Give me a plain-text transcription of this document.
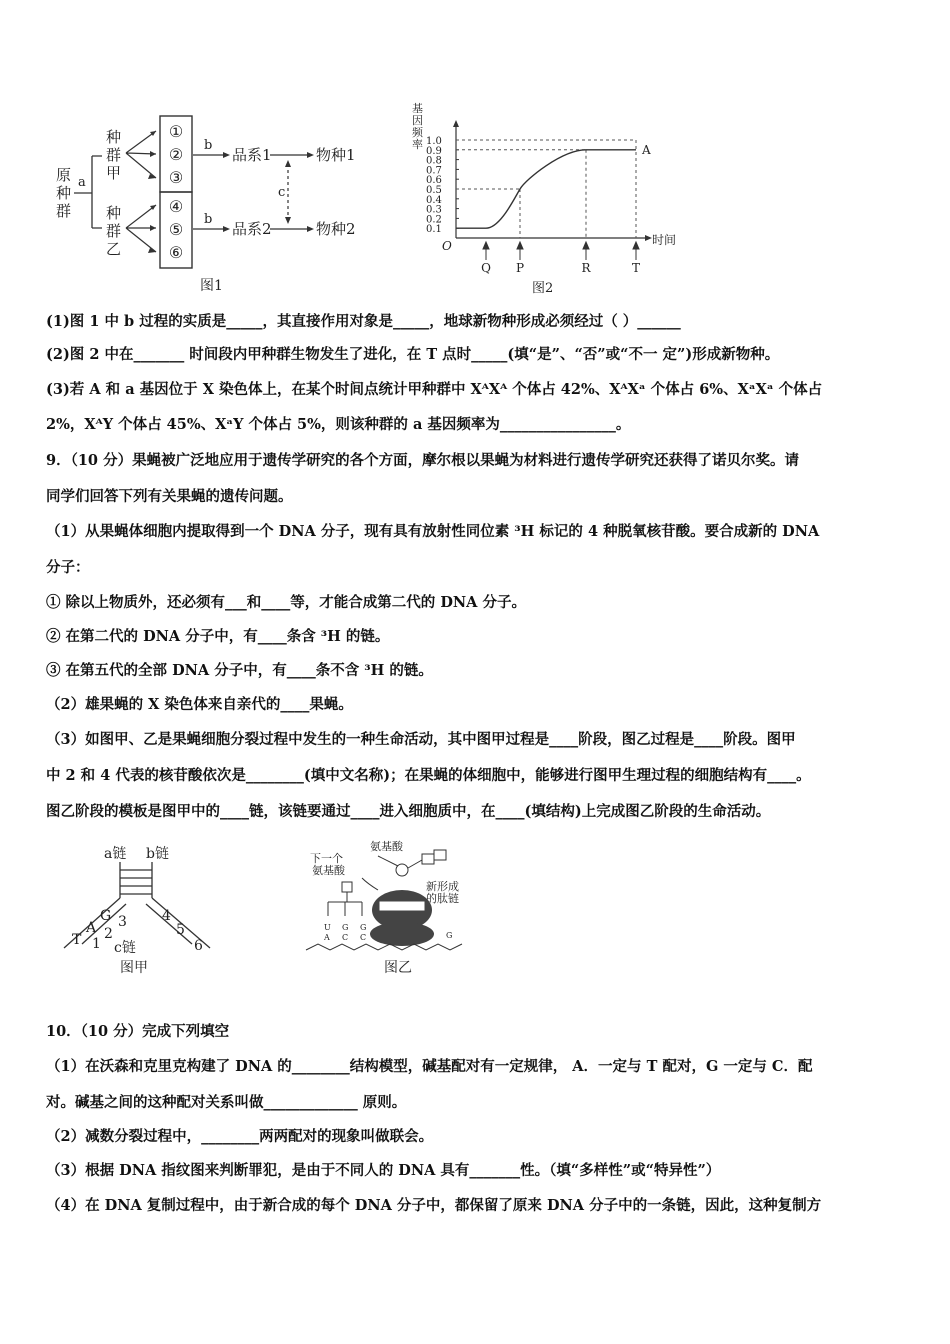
原
种
群
a
种
群
甲
种
群
乙
①
②
③
④
⑤
⑥
b
b
c
品系1
品系2
物种1
物种2
图1
基
因
频
率 1.0
0.9
0.8
0.7
0.6
0.5
0.4
0.3
0.2
0.1
O	时间
A
Q P	R	T
图2
(1)图 1 中 b 过程的实质是_____，其直接作用对象是_____，地球新物种形成必须经过（ ）______
(2)图 2 中在_______ 时间段内甲种群生物发生了进化，在 T 点时_____(填“是”、“否”或“不一 定”)形成新物种。
(3)若 A 和 a 基因位于 X 染色体上，在某个时间点统计甲种群中 XᴬXᴬ 个体占 42%、XᴬXᵃ 个体占 6%、XᵃXᵃ 个体占
2%，XᴬY 个体占 45%、XᵃY 个体占 5%，则该种群的 a 基因频率为________________。
9．（10 分）果蝇被广泛地应用于遗传学研究的各个方面，摩尔根以果蝇为材料进行遗传学研究还获得了诺贝尔奖。请
同学们回答下列有关果蝇的遗传问题。
（1）从果蝇体细胞内提取得到一个 DNA 分子，现有具有放射性同位素 ³H 标记的 4 种脱氧核苷酸。要合成新的 DNA
分子：
① 除以上物质外，还必须有___和____等，才能合成第二代的 DNA 分子。
② 在第二代的 DNA 分子中，有____条含 ³H 的链。
③ 在第五代的全部 DNA 分子中，有____条不含 ³H 的链。
（2）雄果蝇的 X 染色体来自亲代的____果蝇。
（3）如图甲、乙是果蝇细胞分裂过程中发生的一种生命活动，其中图甲过程是____阶段，图乙过程是____阶段。图甲
中 2 和 4 代表的核苷酸依次是________(填中文名称)；在果蝇的体细胞中，能够进行图甲生理过程的细胞结构有____。
图乙阶段的模板是图甲中的____链，该链要通过____进入细胞质中，在____(填结构)上完成图乙阶段的生命活动。
a链 b链
T
A
G
1
2
3	4
5
6
c链
图甲
下一个
氨基酸
氨基酸
新形成
的肽链
U
A
G
C
G
C	G
图乙
10．（10 分）完成下列填空
（1）在沃森和克里克构建了 DNA 的________结构模型，碱基配对有一定规律， A．一定与 T 配对，G 一定与 C．配
对。碱基之间的这种配对关系叫做_____________ 原则。
（2）减数分裂过程中，________两两配对的现象叫做联会。
（3）根据 DNA 指纹图来判断罪犯，是由于不同人的 DNA 具有_______性。（填“多样性”或“特异性”）
（4）在 DNA 复制过程中，由于新合成的每个 DNA 分子中，都保留了原来 DNA 分子中的一条链，因此，这种复制方
